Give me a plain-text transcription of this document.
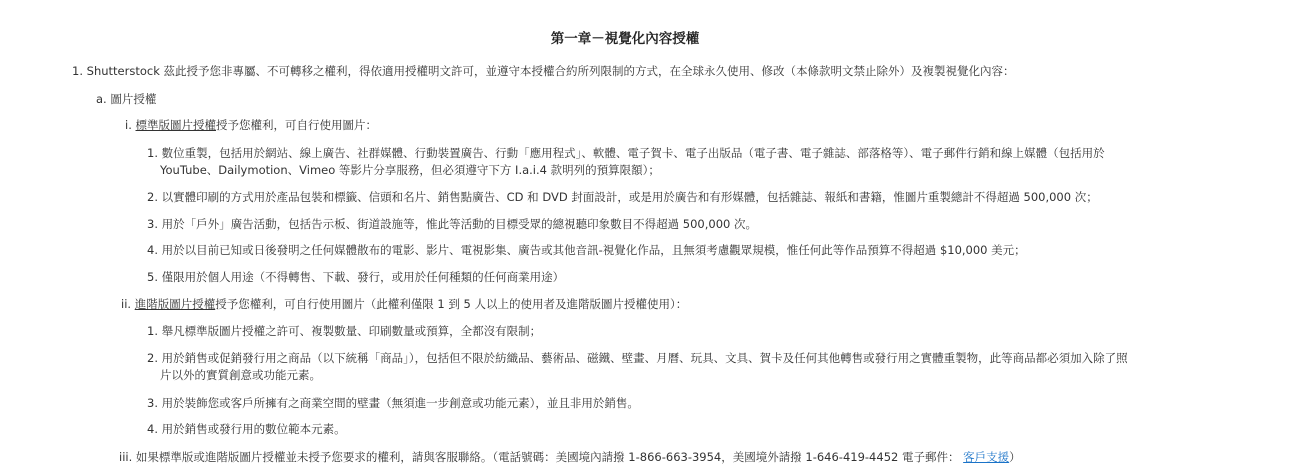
第一章－視覺化內容授權
1. Shutterstock 茲此授予您非專屬、不可轉移之權利，得依適用授權明文許可，並遵守本授權合約所列限制的方式，在全球永久使用、修改（本條款明文禁止除外）及複製視覺化內容：
a. 圖片授權
i. 標準版圖片授權授予您權利，可自行使用圖片：
1. 數位重製，包括用於網站、線上廣告、社群媒體、行動裝置廣告、行動「應用程式」、軟體、電子賀卡、電子出版品（電子書、電子雜誌、部落格等）、電子郵件行銷和線上媒體（包括用於
YouTube、Dailymotion、Vimeo 等影片分享服務，但必須遵守下方 I.a.i.4 款明列的預算限額）；
2. 以實體印刷的方式用於產品包裝和標籤、信頭和名片、銷售點廣告、CD 和 DVD 封面設計，或是用於廣告和有形媒體，包括雜誌、報紙和書籍，惟圖片重製總計不得超過 500,000 次；
3. 用於「戶外」廣告活動，包括告示板、街道設施等，惟此等活動的目標受眾的總視聽印象數目不得超過 500,000 次。
4. 用於以目前已知或日後發明之任何媒體散布的電影、影片、電視影集、廣告或其他音訊-視覺化作品，且無須考慮觀眾規模，惟任何此等作品預算不得超過 $10,000 美元；
5. 僅限用於個人用途（不得轉售、下載、發行，或用於任何種類的任何商業用途）
ii. 進階版圖片授權授予您權利，可自行使用圖片（此權利僅限 1 到 5 人以上的使用者及進階版圖片授權使用）：
1. 舉凡標準版圖片授權之許可、複製數量、印刷數量或預算，全都沒有限制；
2. 用於銷售或促銷發行用之商品（以下統稱「商品」），包括但不限於紡織品、藝術品、磁鐵、壁畫、月曆、玩具、文具、賀卡及任何其他轉售或發行用之實體重製物，此等商品都必須加入除了照
片以外的實質創意或功能元素。
3. 用於裝飾您或客戶所擁有之商業空間的壁畫（無須進一步創意或功能元素），並且非用於銷售。
4. 用於銷售或發行用的數位範本元素。
iii. 如果標準版或進階版圖片授權並未授予您要求的權利，請與客服聯絡。（電話號碼：美國境內請撥 1-866-663-3954，美國境外請撥 1-646-419-4452 電子郵件： 客戶支援）
